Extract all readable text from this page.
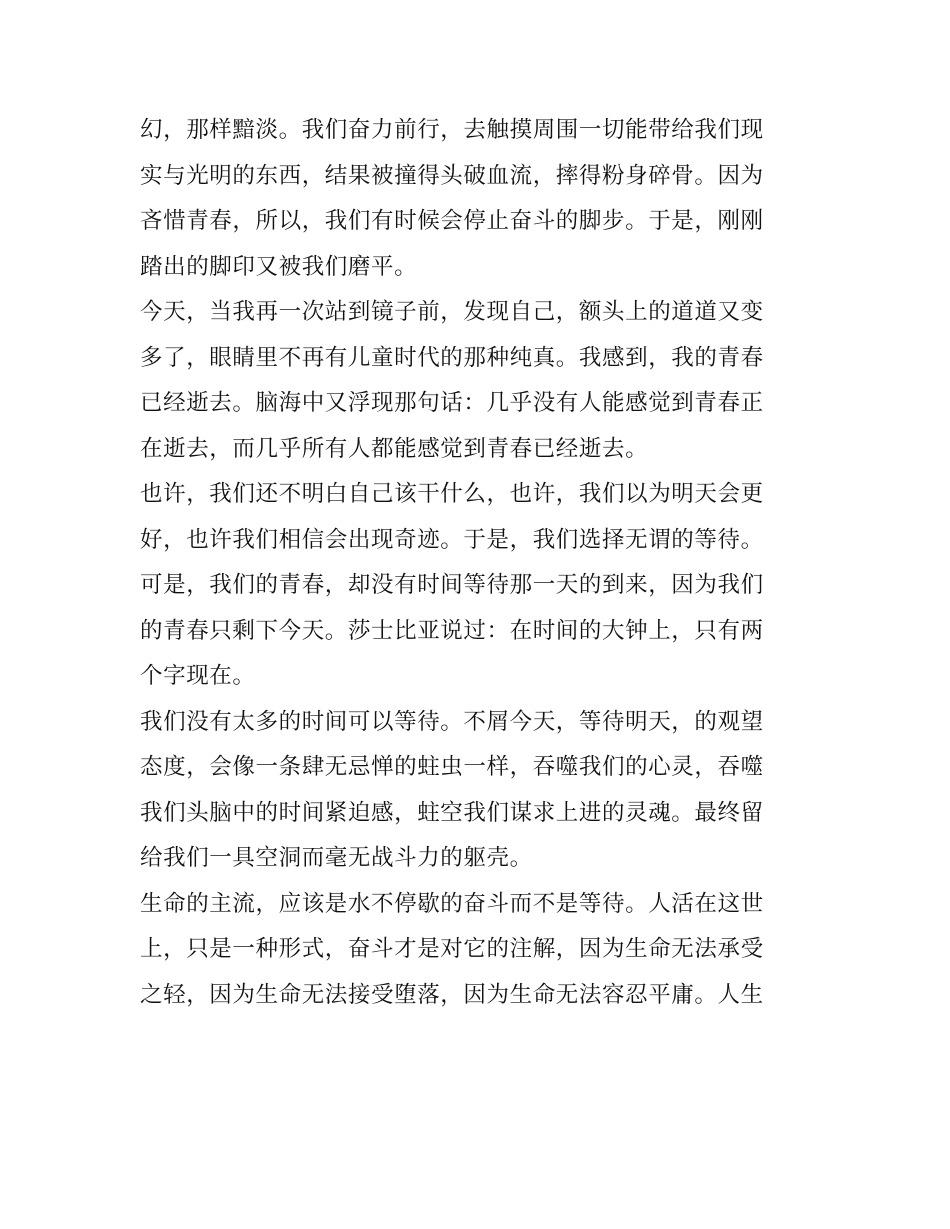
幻，那样黯淡。我们奋力前行，去触摸周围一切能带给我们现
实与光明的东西，结果被撞得头破血流，摔得粉身碎骨。因为
吝惜青春，所以，我们有时候会停止奋斗的脚步。于是，刚刚
踏出的脚印又被我们磨平。
今天，当我再一次站到镜子前，发现自己，额头上的道道又变
多了，眼睛里不再有儿童时代的那种纯真。我感到，我的青春
已经逝去。脑海中又浮现那句话：几乎没有人能感觉到青春正
在逝去，而几乎所有人都能感觉到青春已经逝去。
也许，我们还不明白自己该干什么，也许，我们以为明天会更
好，也许我们相信会出现奇迹。于是，我们选择无谓的等待。
可是，我们的青春，却没有时间等待那一天的到来，因为我们
的青春只剩下今天。莎士比亚说过：在时间的大钟上，只有两
个字现在。
我们没有太多的时间可以等待。不屑今天，等待明天，的观望
态度，会像一条肆无忌惮的蛀虫一样，吞噬我们的心灵，吞噬
我们头脑中的时间紧迫感，蛀空我们谋求上进的灵魂。最终留
给我们一具空洞而毫无战斗力的躯壳。
生命的主流，应该是水不停歇的奋斗而不是等待。人活在这世
上，只是一种形式，奋斗才是对它的注解，因为生命无法承受
之轻，因为生命无法接受堕落，因为生命无法容忍平庸。人生
